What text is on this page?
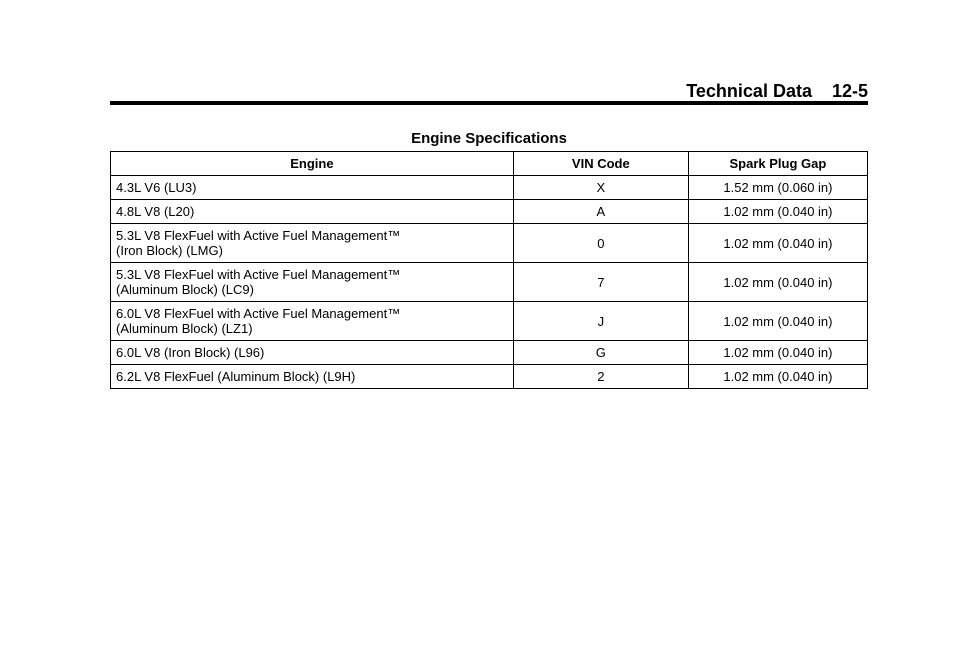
Technical Data 12-5
Engine Specifications
Engine	VIN Code	Spark Plug Gap
4.3L V6 (LU3)	X	1.52 mm (0.060 in)
4.8L V8 (L20)	A	1.02 mm (0.040 in)
5.3L V8 FlexFuel with Active Fuel Management™
(Iron Block) (LMG)	0	1.02 mm (0.040 in)
5.3L V8 FlexFuel with Active Fuel Management™
(Aluminum Block) (LC9)	7	1.02 mm (0.040 in)
6.0L V8 FlexFuel with Active Fuel Management™
(Aluminum Block) (LZ1)	J	1.02 mm (0.040 in)
6.0L V8 (Iron Block) (L96)	G	1.02 mm (0.040 in)
6.2L V8 FlexFuel (Aluminum Block) (L9H)	2	1.02 mm (0.040 in)
